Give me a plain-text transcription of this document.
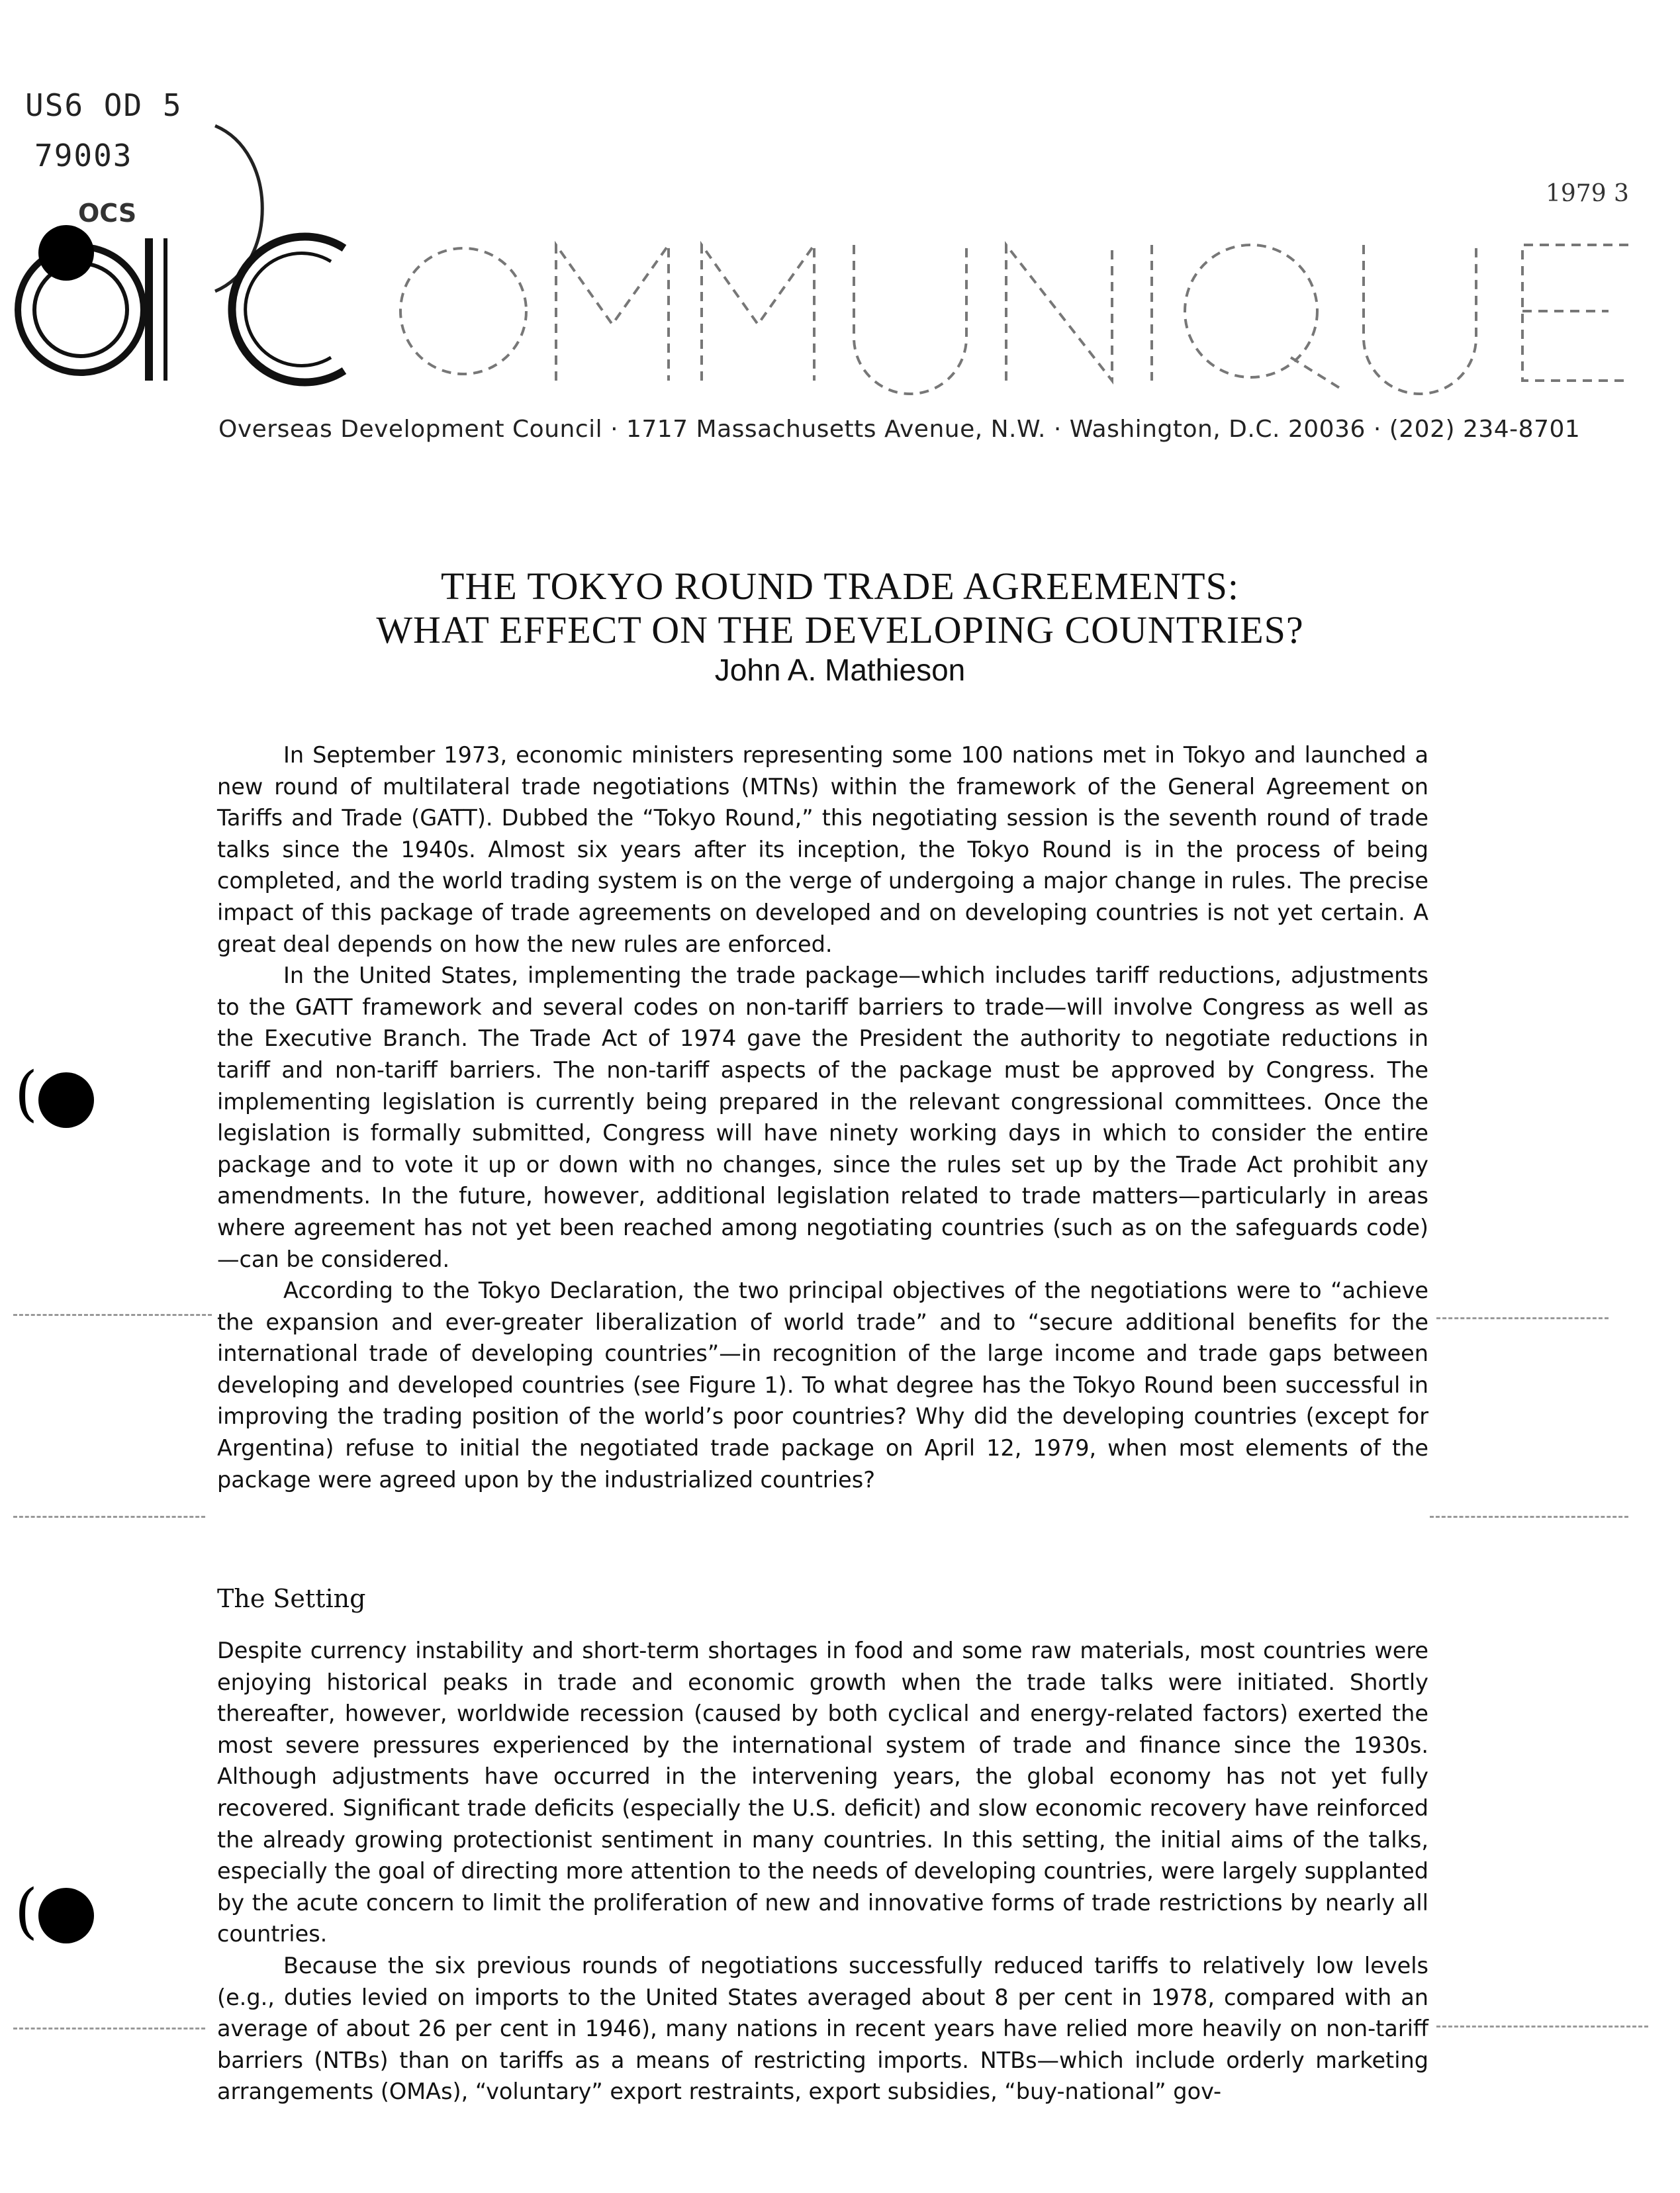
US6 OD 5
79003
OCS
1979 3
Overseas Development Council · 1717 Massachusetts Avenue, N.W. · Washington, D.C. 20036 · (202) 234-8701
THE TOKYO ROUND TRADE AGREEMENTS:
WHAT EFFECT ON THE DEVELOPING COUNTRIES?
John A. Mathieson

In September 1973, economic ministers representing some 100 nations met in Tokyo and launched a new round of multilateral trade negotiations (MTNs) within the framework of the General Agreement on Tariffs and Trade (GATT). Dubbed the “Tokyo Round,” this negotiating session is the seventh round of trade talks since the 1940s. Almost six years after its inception, the Tokyo Round is in the process of being completed, and the world trading system is on the verge of undergoing a major change in rules. The precise impact of this package of trade agreements on developed and on developing countries is not yet certain. A great deal depends on how the new rules are enforced.

In the United States, implementing the trade package—which includes tariff reductions, adjustments to the GATT framework and several codes on non-tariff barriers to trade—will involve Congress as well as the Executive Branch. The Trade Act of 1974 gave the President the authority to negotiate reductions in tariff and non-tariff barriers. The non-tariff aspects of the package must be approved by Congress. The implementing legislation is currently being prepared in the relevant congressional committees. Once the legislation is formally submitted, Congress will have ninety working days in which to consider the entire package and to vote it up or down with no changes, since the rules set up by the Trade Act prohibit any amendments. In the future, however, additional legislation related to trade matters—particularly in areas where agreement has not yet been reached among negotiating countries (such as on the safeguards code)—can be considered.

According to the Tokyo Declaration, the two principal objectives of the negotiations were to “achieve the expansion and ever-greater liberalization of world trade” and to “secure additional benefits for the international trade of developing countries”—in recognition of the large income and trade gaps between developing and developed countries (see Figure 1). To what degree has the Tokyo Round been successful in improving the trading position of the world’s poor countries? Why did the developing countries (except for Argentina) refuse to initial the negotiated trade package on April 12, 1979, when most elements of the package were agreed upon by the industrialized countries?

The Setting

Despite currency instability and short-term shortages in food and some raw materials, most countries were enjoying historical peaks in trade and economic growth when the trade talks were initiated. Shortly thereafter, however, worldwide recession (caused by both cyclical and energy-related factors) exerted the most severe pressures experienced by the international system of trade and finance since the 1930s. Although adjustments have occurred in the intervening years, the global economy has not yet fully recovered. Significant trade deficits (especially the U.S. deficit) and slow economic recovery have reinforced the already growing protectionist sentiment in many countries. In this setting, the initial aims of the talks, especially the goal of directing more attention to the needs of developing countries, were largely supplanted by the acute concern to limit the proliferation of new and innovative forms of trade restrictions by nearly all countries.

Because the six previous rounds of negotiations successfully reduced tariffs to relatively low levels (e.g., duties levied on imports to the United States averaged about 8 per cent in 1978, compared with an average of about 26 per cent in 1946), many nations in recent years have relied more heavily on non-tariff barriers (NTBs) than on tariffs as a means of restricting imports. NTBs—which include orderly marketing arrangements (OMAs), “voluntary” export restraints, export subsidies, “buy-national” gov-

(
(
